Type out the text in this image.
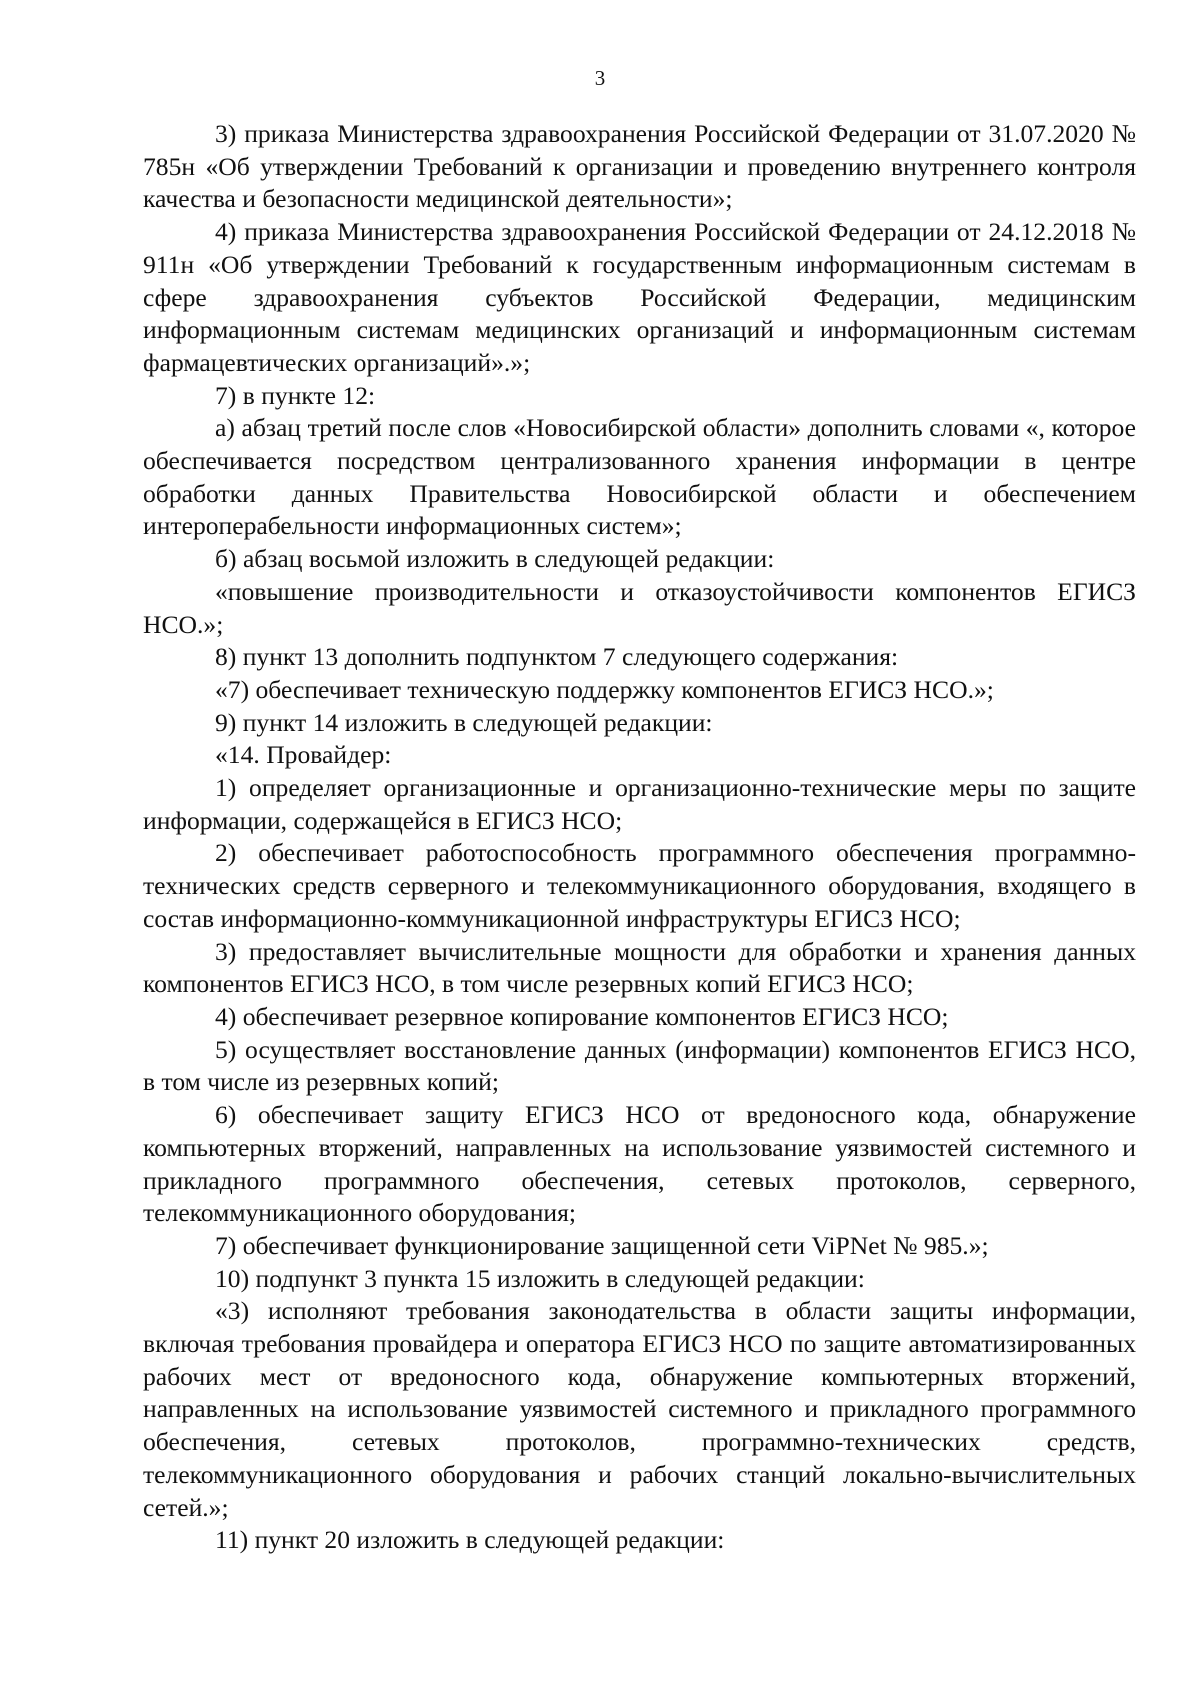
3

3) приказа Министерства здравоохранения Российской Федерации от 31.07.2020 № 785н «Об утверждении Требований к организации и проведению внутреннего контроля качества и безопасности медицинской деятельности»;

4) приказа Министерства здравоохранения Российской Федерации от 24.12.2018 № 911н «Об утверждении Требований к государственным информационным системам в сфере здравоохранения субъектов Российской Федерации, медицинским информационным системам медицинских организаций и информационным системам фармацевтических организаций».»;

7) в пункте 12:

а) абзац третий после слов «Новосибирской области» дополнить словами «, которое обеспечивается посредством централизованного хранения информации в центре обработки данных Правительства Новосибирской области и обеспечением интероперабельности информационных систем»;

б) абзац восьмой изложить в следующей редакции:

«повышение производительности и отказоустойчивости компонентов ЕГИСЗ НСО.»;

8) пункт 13 дополнить подпунктом 7 следующего содержания:

«7) обеспечивает техническую поддержку компонентов ЕГИСЗ НСО.»;

9) пункт 14 изложить в следующей редакции:

«14. Провайдер:

1) определяет организационные и организационно-технические меры по защите информации, содержащейся в ЕГИСЗ НСО;

2) обеспечивает работоспособность программного обеспечения программно-технических средств серверного и телекоммуникационного оборудования, входящего в состав информационно-коммуникационной инфраструктуры ЕГИСЗ НСО;

3) предоставляет вычислительные мощности для обработки и хранения данных компонентов ЕГИСЗ НСО, в том числе резервных копий ЕГИСЗ НСО;

4) обеспечивает резервное копирование компонентов ЕГИСЗ НСО;

5) осуществляет восстановление данных (информации) компонентов ЕГИСЗ НСО, в том числе из резервных копий;

6) обеспечивает защиту ЕГИСЗ НСО от вредоносного кода, обнаружение компьютерных вторжений, направленных на использование уязвимостей системного и прикладного программного обеспечения, сетевых протоколов, серверного, телекоммуникационного оборудования;

7) обеспечивает функционирование защищенной сети ViPNet № 985.»;

10) подпункт 3 пункта 15 изложить в следующей редакции:

«3) исполняют требования законодательства в области защиты информации, включая требования провайдера и оператора ЕГИСЗ НСО по защите автоматизированных рабочих мест от вредоносного кода, обнаружение компьютерных вторжений, направленных на использование уязвимостей системного и прикладного программного обеспечения, сетевых протоколов, программно-технических средств, телекоммуникационного оборудования и рабочих станций локально-вычислительных сетей.»;

11) пункт 20 изложить в следующей редакции:
